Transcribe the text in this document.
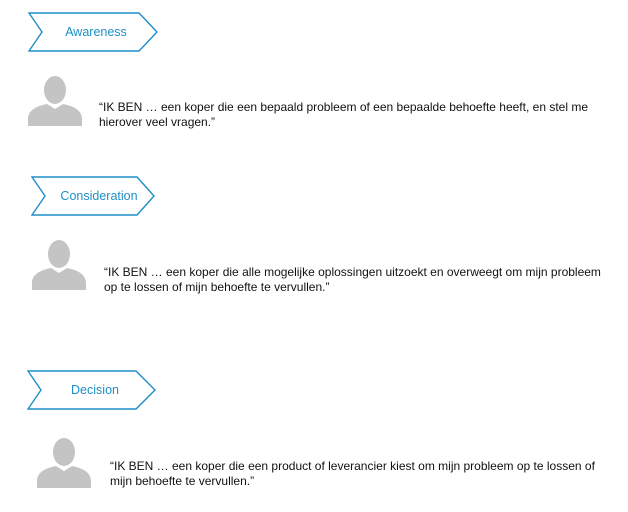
Awareness

“IK BEN … een koper die een bepaald probleem of een bepaalde behoefte heeft, en stel me hierover veel vragen.”

Consideration

“IK BEN … een koper die alle mogelijke oplossingen uitzoekt en overweegt om mijn probleem op te lossen of mijn behoefte te vervullen.”

Decision

“IK BEN … een koper die een product of leverancier kiest om mijn probleem op te lossen of mijn behoefte te vervullen.”
